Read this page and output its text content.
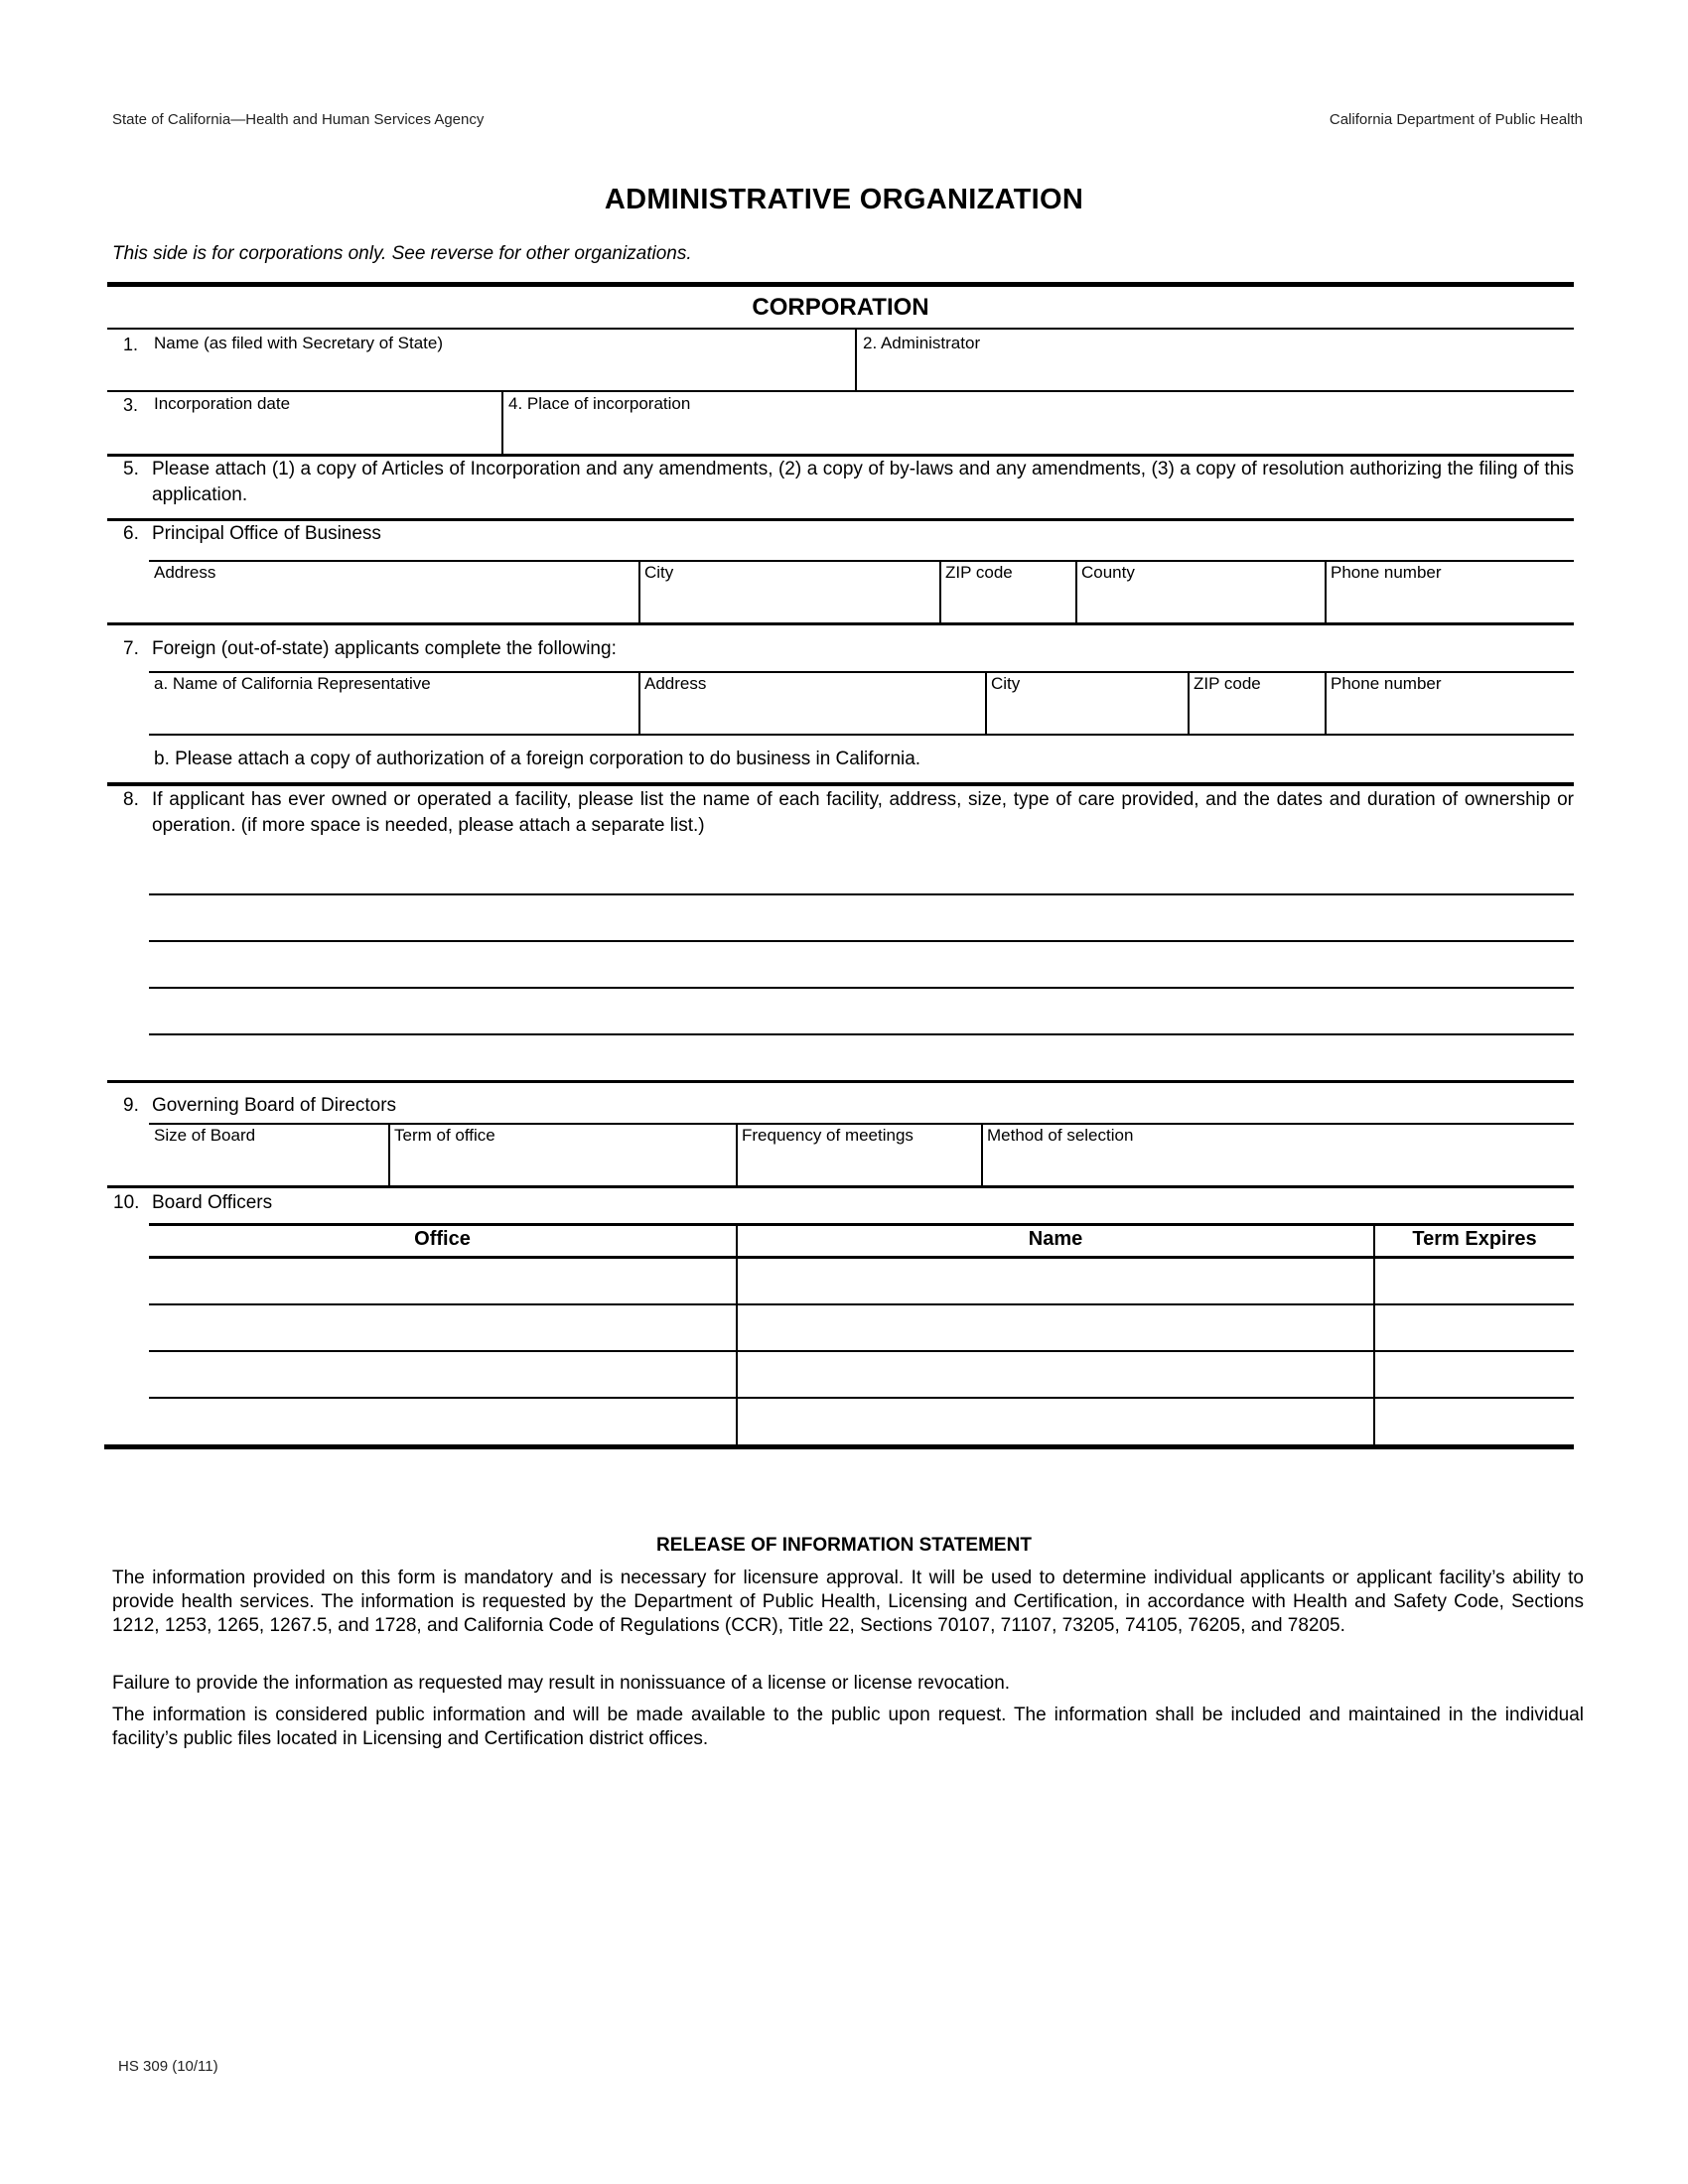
State of California—Health and Human Services Agency	California Department of Public Health
ADMINISTRATIVE ORGANIZATION
This side is for corporations only. See reverse for other organizations.
CORPORATION
1. Name (as filed with Secretary of State)	2. Administrator
3. Incorporation date	4. Place of incorporation
5. Please attach (1) a copy of Articles of Incorporation and any amendments, (2) a copy of by-laws and any amendments, (3) a copy of resolution authorizing the filing of this application.
6. Principal Office of Business
Address	City	ZIP code	County	Phone number
7. Foreign (out-of-state) applicants complete the following:
a. Name of California Representative	Address	City	ZIP code	Phone number
b. Please attach a copy of authorization of a foreign corporation to do business in California.
8. If applicant has ever owned or operated a facility, please list the name of each facility, address, size, type of care provided, and the dates and duration of ownership or operation. (if more space is needed, please attach a separate list.)
9. Governing Board of Directors
Size of Board	Term of office	Frequency of meetings	Method of selection
10. Board Officers
Office	Name	Term Expires
RELEASE OF INFORMATION STATEMENT
The information provided on this form is mandatory and is necessary for licensure approval. It will be used to determine individual applicants or applicant facility’s ability to provide health services. The information is requested by the Department of Public Health, Licensing and Certification, in accordance with Health and Safety Code, Sections 1212, 1253, 1265, 1267.5, and 1728, and California Code of Regulations (CCR), Title 22, Sections 70107, 71107, 73205, 74105, 76205, and 78205.
Failure to provide the information as requested may result in nonissuance of a license or license revocation.
The information is considered public information and will be made available to the public upon request. The information shall be included and maintained in the individual facility’s public files located in Licensing and Certification district offices.
HS 309 (10/11)
